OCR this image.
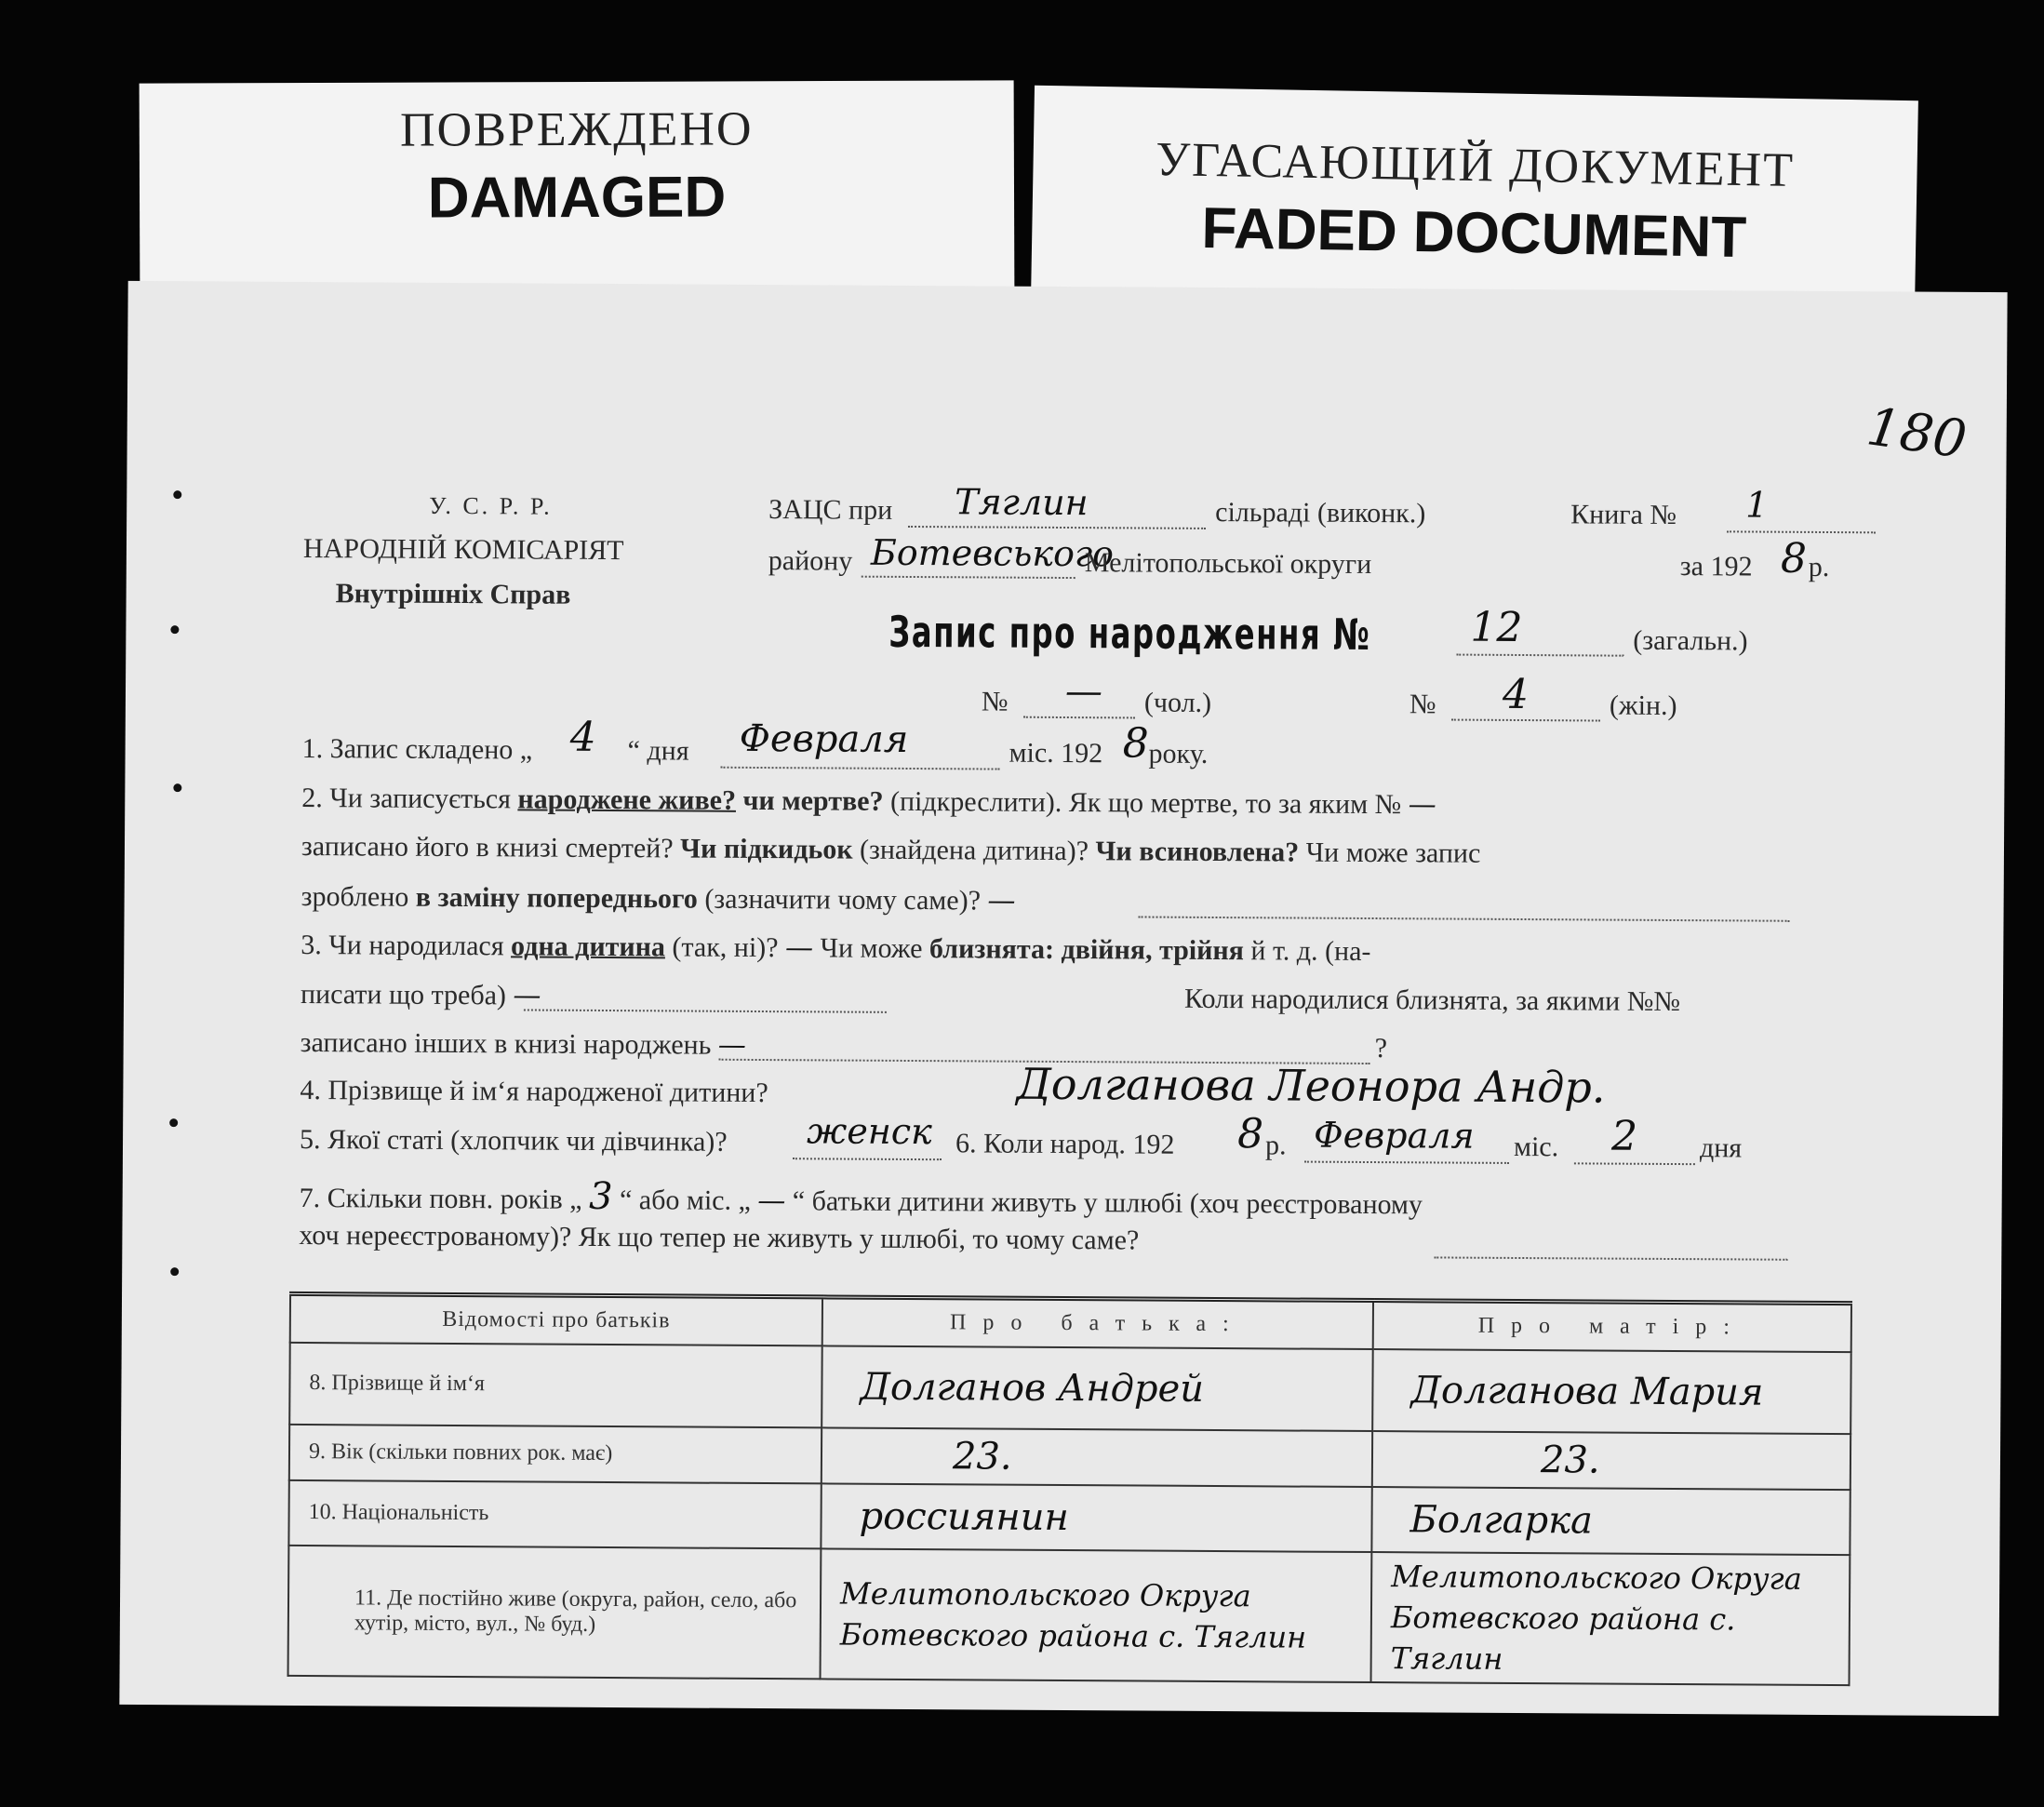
ПОВРЕЖДЕНО
DAMAGED	УГАСАЮЩИЙ ДОКУМЕНТ
FADED DOCUMENT
180
У. С. Р. Р.
НАРОДНІЙ КОМІСАРІЯТ
Внутрішніх Справ
ЗАЦС при Тяглин	сільраді (виконк.)	Книга № 1
району Ботевського
Мелітопольської округи	за 192 8 р.
Запис про народження № 12	(загальн.)
№ — (чол.)	№ 4	(жін.)
1. Запис складено „ 4 “ дня Февраля	міс. 192 8 року.
2. Чи записується народжене живе? чи мертве? (підкреслити). Як що мертве, то за яким № —
записано його в книзі смертей? Чи підкидьок (знайдена дитина)? Чи всиновлена? Чи може запис
зроблено в заміну попереднього (зазначити чому саме)? —
3. Чи народилася одна дитина (так, ні)? — Чи може близнята: двійня, трійня й т. д. (на-
писати що треба) —	Коли народилися близнята, за якими №№
записано інших в книзі народжень —	?
4. Прізвище й ім‘я народженої дитини?	Долганова Леонора Андр.
5. Якої статі (хлопчик чи дівчинка)? женск 6. Коли народ. 192 8 р. Февраля міс. 2 дня
7. Скільки повн. років „ 3 “ або міс. „ — “ батьки дитини живуть у шлюбі (хоч реєстрованому
хоч нереєстрованому)? Як що тепер не живуть у шлюбі, то чому саме?
Відомості про батьків	Про батька:	Про матір:
8. Прізвище й ім‘я	Долганов Андрей	Долганова Мария
9. Вік (скільки повних рок. має)	23.	23.
10. Національність	россиянин	Болгарка
11. Де постійно живе (округа, район, село, або хутір, місто, вул., № буд.)	Мелитопольского Округа Ботевского района с. Тяглин	Мелитопольского Округа Ботевского района с. Тяглин
